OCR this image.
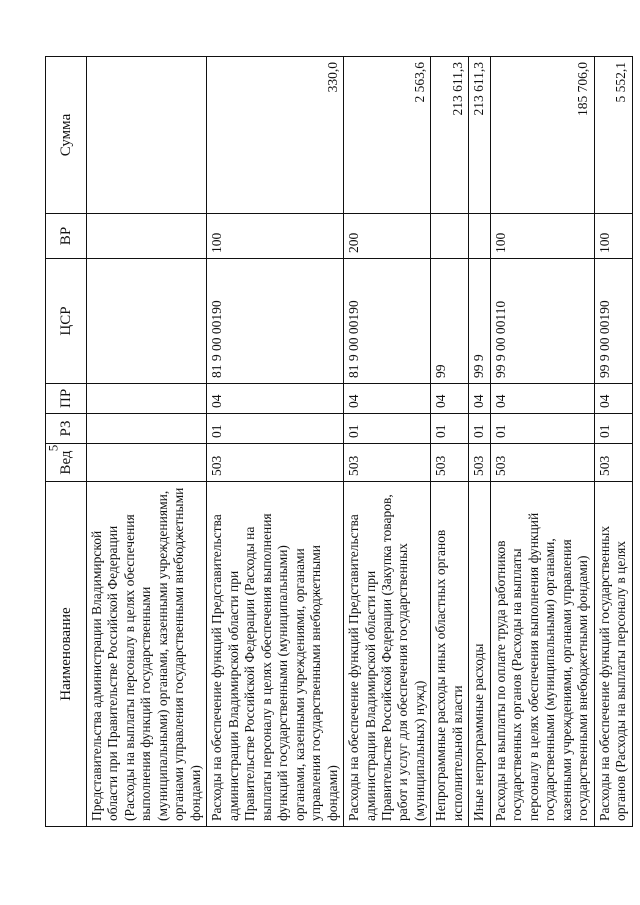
5
Наименование	Вед	РЗ	ПР	ЦСР	ВР	Сумма
Представительства администрации Владимирской области при Правительстве Российской Федерации (Расходы на выплаты персоналу в целях обеспечения выполнения функций государственными (муниципальными) органами, казенными учреждениями, органами управления государственными внебюджетными фондами)						
Расходы на обеспечение функций Представительства администрации Владимирской области при Правительстве Российской Федерации (Расходы на выплаты персоналу в целях обеспечения выполнения функций государственными (муниципальными) органами, казенными учреждениями, органами управления государственными внебюджетными фондами)	503	01	04	81 9 00 00190	100	330,0
Расходы на обеспечение функций Представительства администрации Владимирской области при Правительстве Российской Федерации (Закупка товаров, работ и услуг для обеспечения государственных (муниципальных) нужд)	503	01	04	81 9 00 00190	200	2 563,6
Непрограммные расходы иных областных органов исполнительной власти	503	01	04	99		213 611,3
Иные непрограммные расходы	503	01	04	99 9		213 611,3
Расходы на выплаты по оплате труда работников государственных органов (Расходы на выплаты персоналу в целях обеспечения выполнения функций государственными (муниципальными) органами, казенными учреждениями, органами управления государственными внебюджетными фондами)	503	01	04	99 9 00 00110	100	185 706,0
Расходы на обеспечение функций государственных органов (Расходы на выплаты персоналу в целях	503	01	04	99 9 00 00190	100	5 552,1
